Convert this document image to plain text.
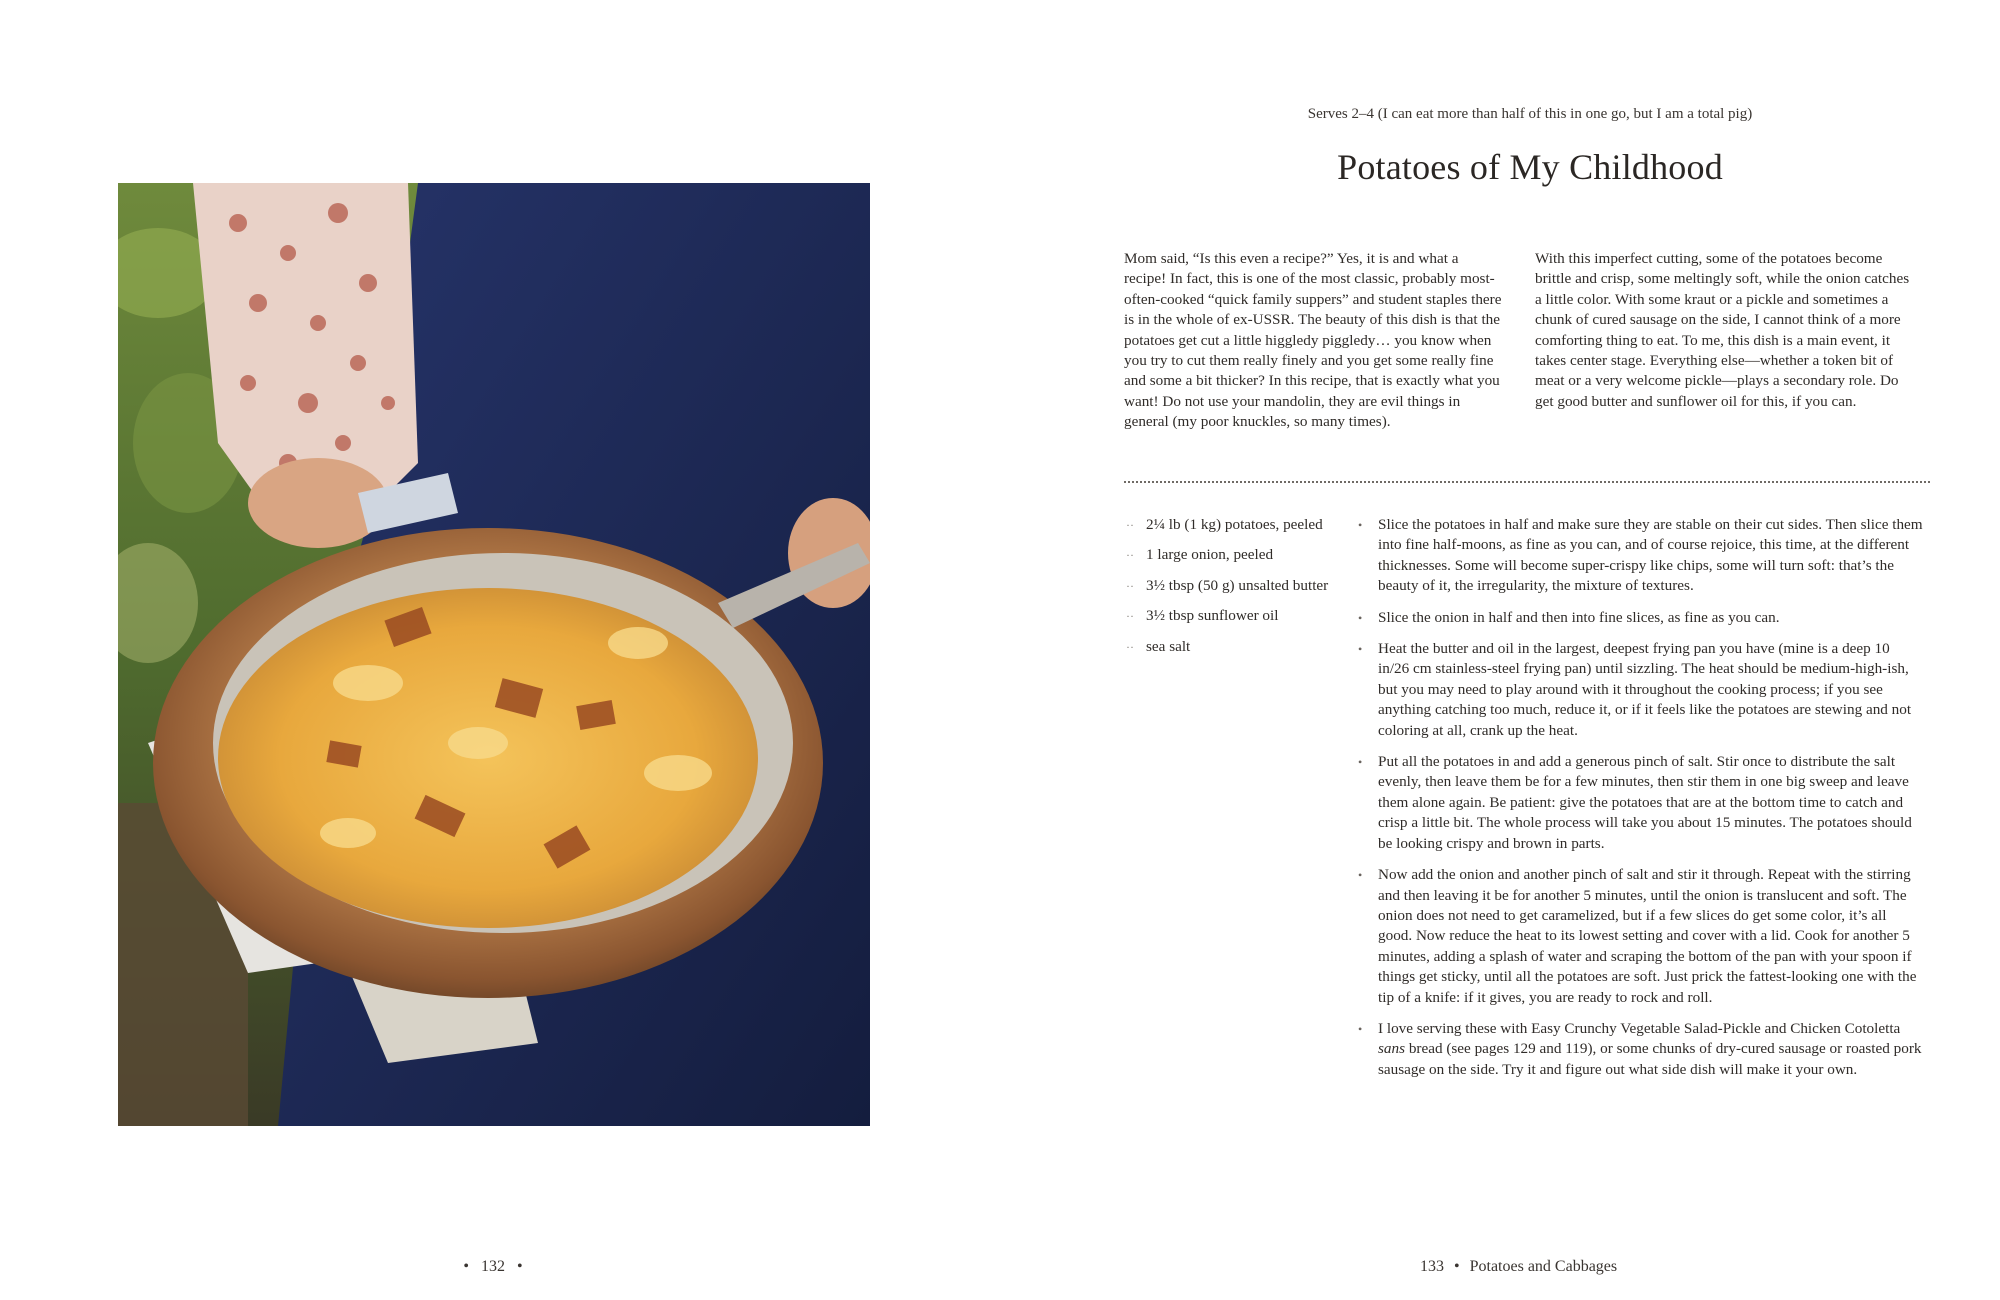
• 132 •
Serves 2–4 (I can eat more than half of this in one go, but I am a total pig)
Potatoes of My Childhood
Mom said, “Is this even a recipe?” Yes, it is and what a recipe! In fact, this is one of the most classic, probably most-often-cooked “quick family suppers” and student staples there is in the whole of ex-USSR. The beauty of this dish is that the potatoes get cut a little higgledy piggledy… you know when you try to cut them really finely and you get some really fine and some a bit thicker? In this recipe, that is exactly what you want! Do not use your mandolin, they are evil things in general (my poor knuckles, so many times).
With this imperfect cutting, some of the potatoes become brittle and crisp, some meltingly soft, while the onion catches a little color. With some kraut or a pickle and sometimes a chunk of cured sausage on the side, I cannot think of a more comforting thing to eat. To me, this dish is a main event, it takes center stage. Everything else—whether a token bit of meat or a very welcome pickle—plays a secondary role. Do get good butter and sunflower oil for this, if you can.
·· 2¼ lb (1 kg) potatoes, peeled
·· 1 large onion, peeled
·· 3½ tbsp (50 g) unsalted butter
·· 3½ tbsp sunflower oil
·· sea salt
• Slice the potatoes in half and make sure they are stable on their cut sides. Then slice them into fine half-moons, as fine as you can, and of course rejoice, this time, at the different thicknesses. Some will become super-crispy like chips, some will turn soft: that’s the beauty of it, the irregularity, the mixture of textures.
• Slice the onion in half and then into fine slices, as fine as you can.
• Heat the butter and oil in the largest, deepest frying pan you have (mine is a deep 10 in/26 cm stainless-steel frying pan) until sizzling. The heat should be medium-high-ish, but you may need to play around with it throughout the cooking process; if you see anything catching too much, reduce it, or if it feels like the potatoes are stewing and not coloring at all, crank up the heat.
• Put all the potatoes in and add a generous pinch of salt. Stir once to distribute the salt evenly, then leave them be for a few minutes, then stir them in one big sweep and leave them alone again. Be patient: give the potatoes that are at the bottom time to catch and crisp a little bit. The whole process will take you about 15 minutes. The potatoes should be looking crispy and brown in parts.
• Now add the onion and another pinch of salt and stir it through. Repeat with the stirring and then leaving it be for another 5 minutes, until the onion is translucent and soft. The onion does not need to get caramelized, but if a few slices do get some color, it’s all good. Now reduce the heat to its lowest setting and cover with a lid. Cook for another 5 minutes, adding a splash of water and scraping the bottom of the pan with your spoon if things get sticky, until all the potatoes are soft. Just prick the fattest-looking one with the tip of a knife: if it gives, you are ready to rock and roll.
• I love serving these with Easy Crunchy Vegetable Salad-Pickle and Chicken Cotoletta sans bread (see pages 129 and 119), or some chunks of dry-cured sausage or roasted pork sausage on the side. Try it and figure out what side dish will make it your own.
133 • Potatoes and Cabbages
